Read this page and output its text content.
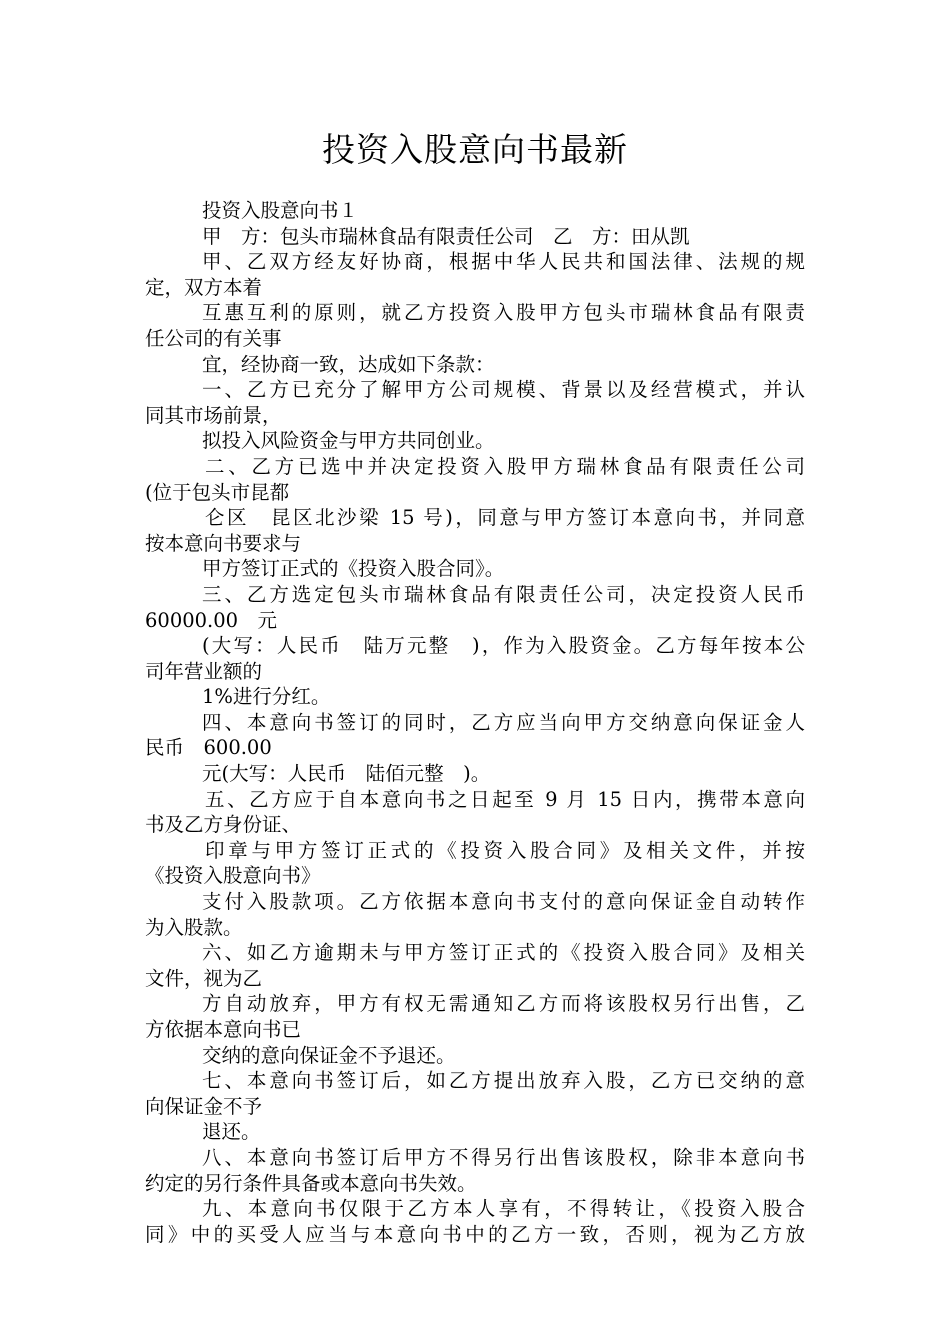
投资入股意向书最新
投资入股意向书１
甲　方：包头市瑞林食品有限责任公司　乙　方：田从凯
甲、乙双方经友好协商，根据中华人民共和国法律、法规的规
定，双方本着
互惠互利的原则，就乙方投资入股甲方包头市瑞林食品有限责
任公司的有关事
宜，经协商一致，达成如下条款：
一、乙方已充分了解甲方公司规模、背景以及经营模式，并认
同其市场前景，
拟投入风险资金与甲方共同创业。
二、乙方已选中并决定投资入股甲方瑞林食品有限责任公司
(位于包头市昆都
仑区　昆区北沙梁 15 号)，同意与甲方签订本意向书，并同意
按本意向书要求与
甲方签订正式的《投资入股合同》。
三、乙方选定包头市瑞林食品有限责任公司，决定投资人民币
60000.00　元
(大写：人民币　陆万元整　)，作为入股资金。乙方每年按本公
司年营业额的
1%进行分红。
四、本意向书签订的同时，乙方应当向甲方交纳意向保证金人
民币　600.00
元(大写：人民币　陆佰元整　)。
五、乙方应于自本意向书之日起至 9 月 15 日内，携带本意向
书及乙方身份证、
印章与甲方签订正式的《投资入股合同》及相关文件，并按
《投资入股意向书》
支付入股款项。乙方依据本意向书支付的意向保证金自动转作
为入股款。
六、如乙方逾期未与甲方签订正式的《投资入股合同》及相关
文件，视为乙
方自动放弃，甲方有权无需通知乙方而将该股权另行出售，乙
方依据本意向书已
交纳的意向保证金不予退还。
七、本意向书签订后，如乙方提出放弃入股，乙方已交纳的意
向保证金不予
退还。
八、本意向书签订后甲方不得另行出售该股权，除非本意向书
约定的另行条件具备或本意向书失效。
九、本意向书仅限于乙方本人享有，不得转让，《投资入股合
同》中的买受人应当与本意向书中的乙方一致，否则，视为乙方放
